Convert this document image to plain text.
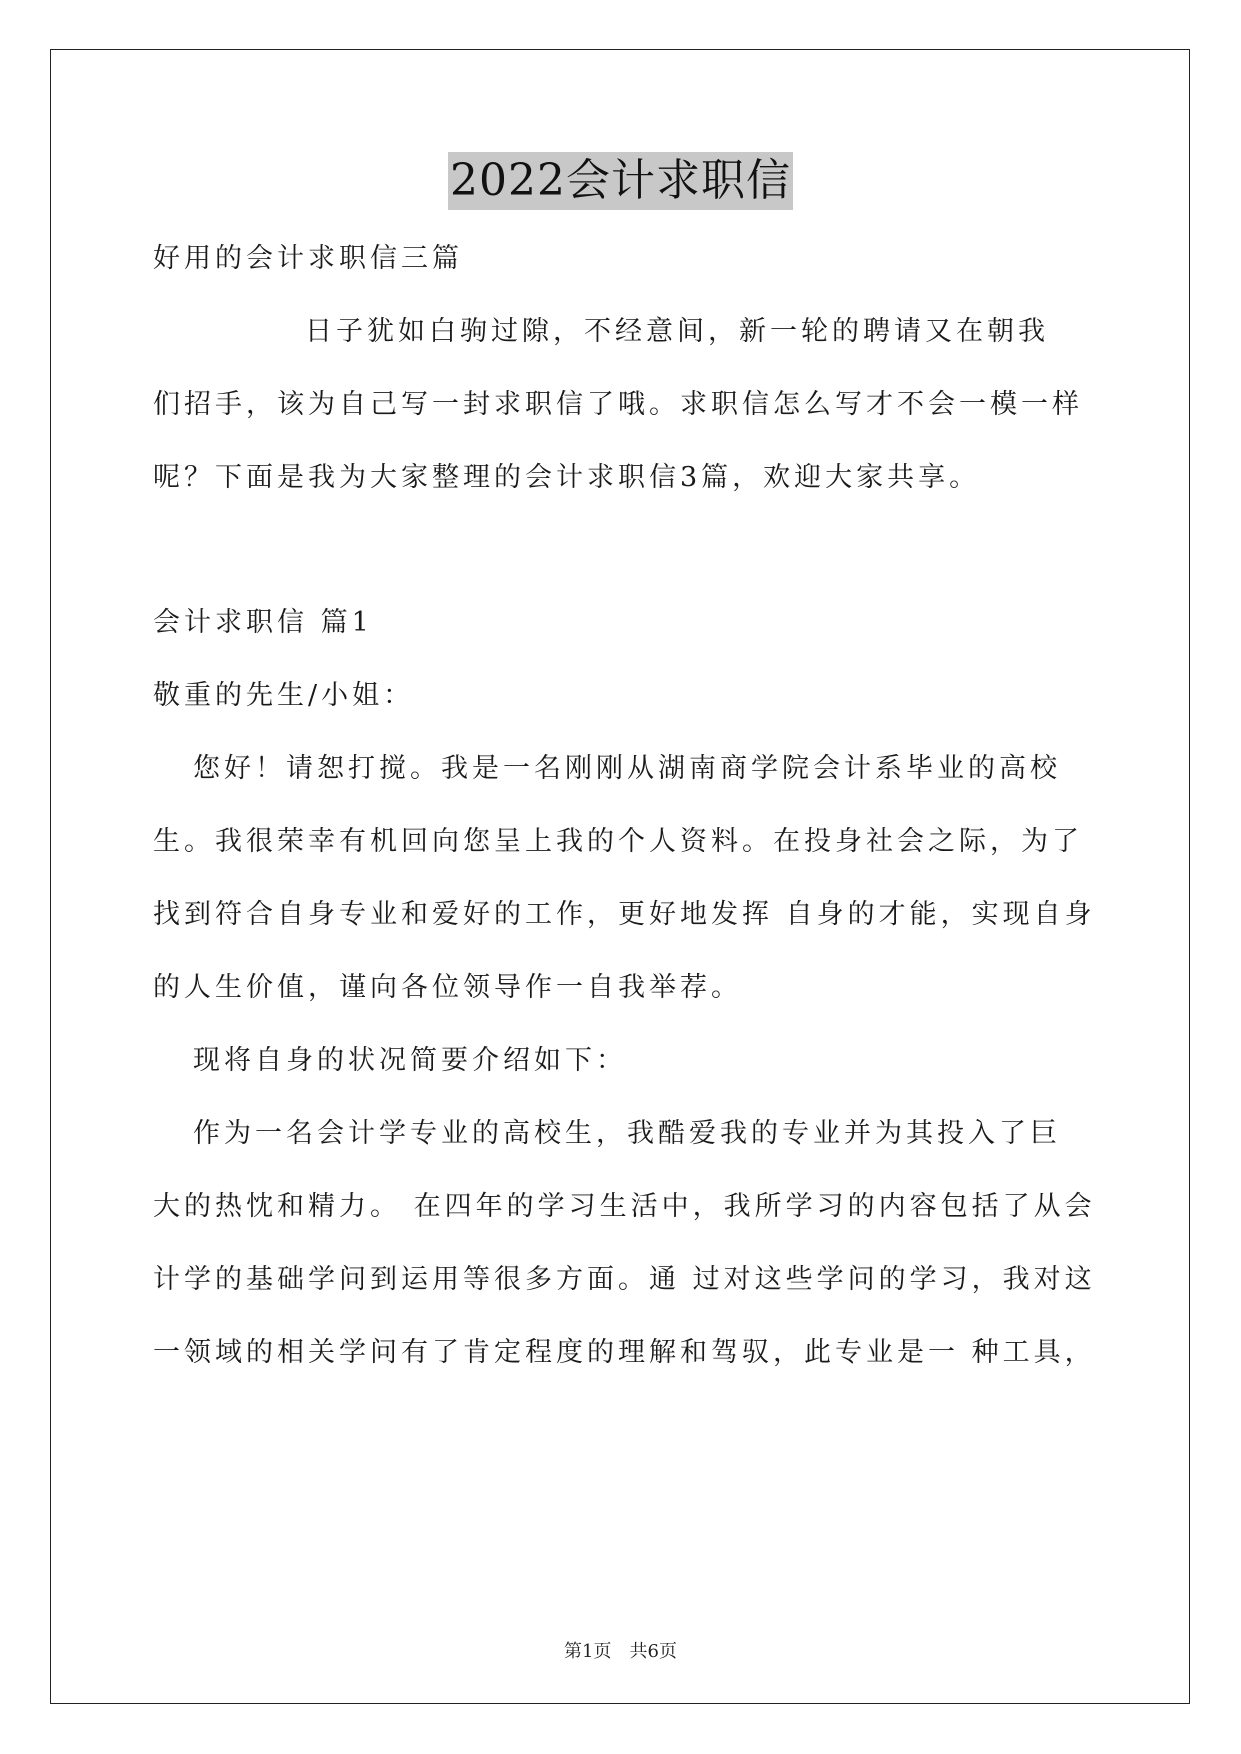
2022会计求职信
好用的会计求职信三篇
日子犹如白驹过隙，不经意间，新一轮的聘请又在朝我
们招手，该为自己写一封求职信了哦。求职信怎么写才不会一模一样
呢？下面是我为大家整理的会计求职信3篇，欢迎大家共享。
会计求职信 篇1
敬重的先生/小姐：
您好！请恕打搅。我是一名刚刚从湖南商学院会计系毕业的高校
生。我很荣幸有机回向您呈上我的个人资料。在投身社会之际，为了
找到符合自身专业和爱好的工作，更好地发挥 自身的才能，实现自身
的人生价值，谨向各位领导作一自我举荐。
现将自身的状况简要介绍如下：
作为一名会计学专业的高校生，我酷爱我的专业并为其投入了巨
大的热忱和精力。 在四年的学习生活中，我所学习的内容包括了从会
计学的基础学问到运用等很多方面。通 过对这些学问的学习，我对这
一领域的相关学问有了肯定程度的理解和驾驭，此专业是一 种工具，
第1页　共6页
